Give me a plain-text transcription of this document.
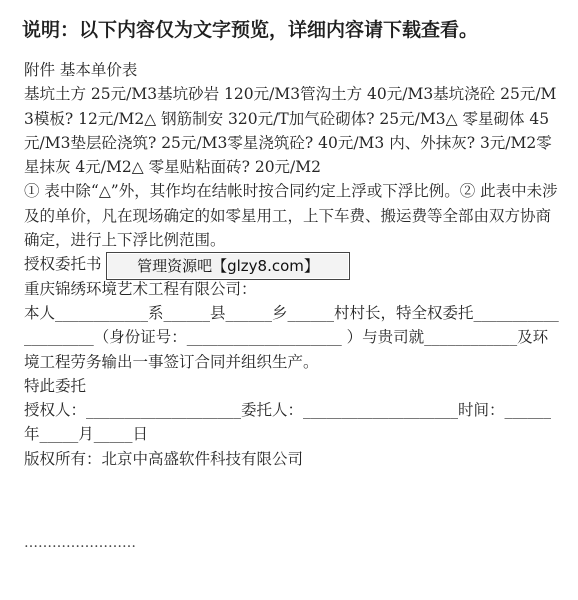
说明：以下内容仅为文字预览，详细内容请下载查看。

附件 基本单价表

基坑土方 25元/M3基坑砂岩 120元/M3管沟土方 40元/M3基坑浇砼 25元/M3模板? 12元/M2△ 钢筋制安 320元/T加气砼砌体? 25元/M3△ 零星砌体 45元/M3垫层砼浇筑? 25元/M3零星浇筑砼? 40元/M3 内、外抹灰? 3元/M2零星抹灰 4元/M2△ 零星贴粘面砖? 20元/M2

① 表中除“△”外，其作均在结帐时按合同约定上浮或下浮比例。② 此表中未涉及的单价，凡在现场确定的如零星用工，上下车费、搬运费等全部由双方协商确定，进行上下浮比例范围。

授权委托书

重庆锦绣环境艺术工程有限公司：

本人____________系______县______乡______村村长，特全权委托____________________（身份证号：____________________ ）与贵司就____________及环境工程劳务输出一事签订合同并组织生产。

特此委托

授权人：____________________委托人：____________________时间：______年_____月_____日

版权所有：北京中高盛软件科技有限公司

管理资源吧【glzy8.com】
……………………
